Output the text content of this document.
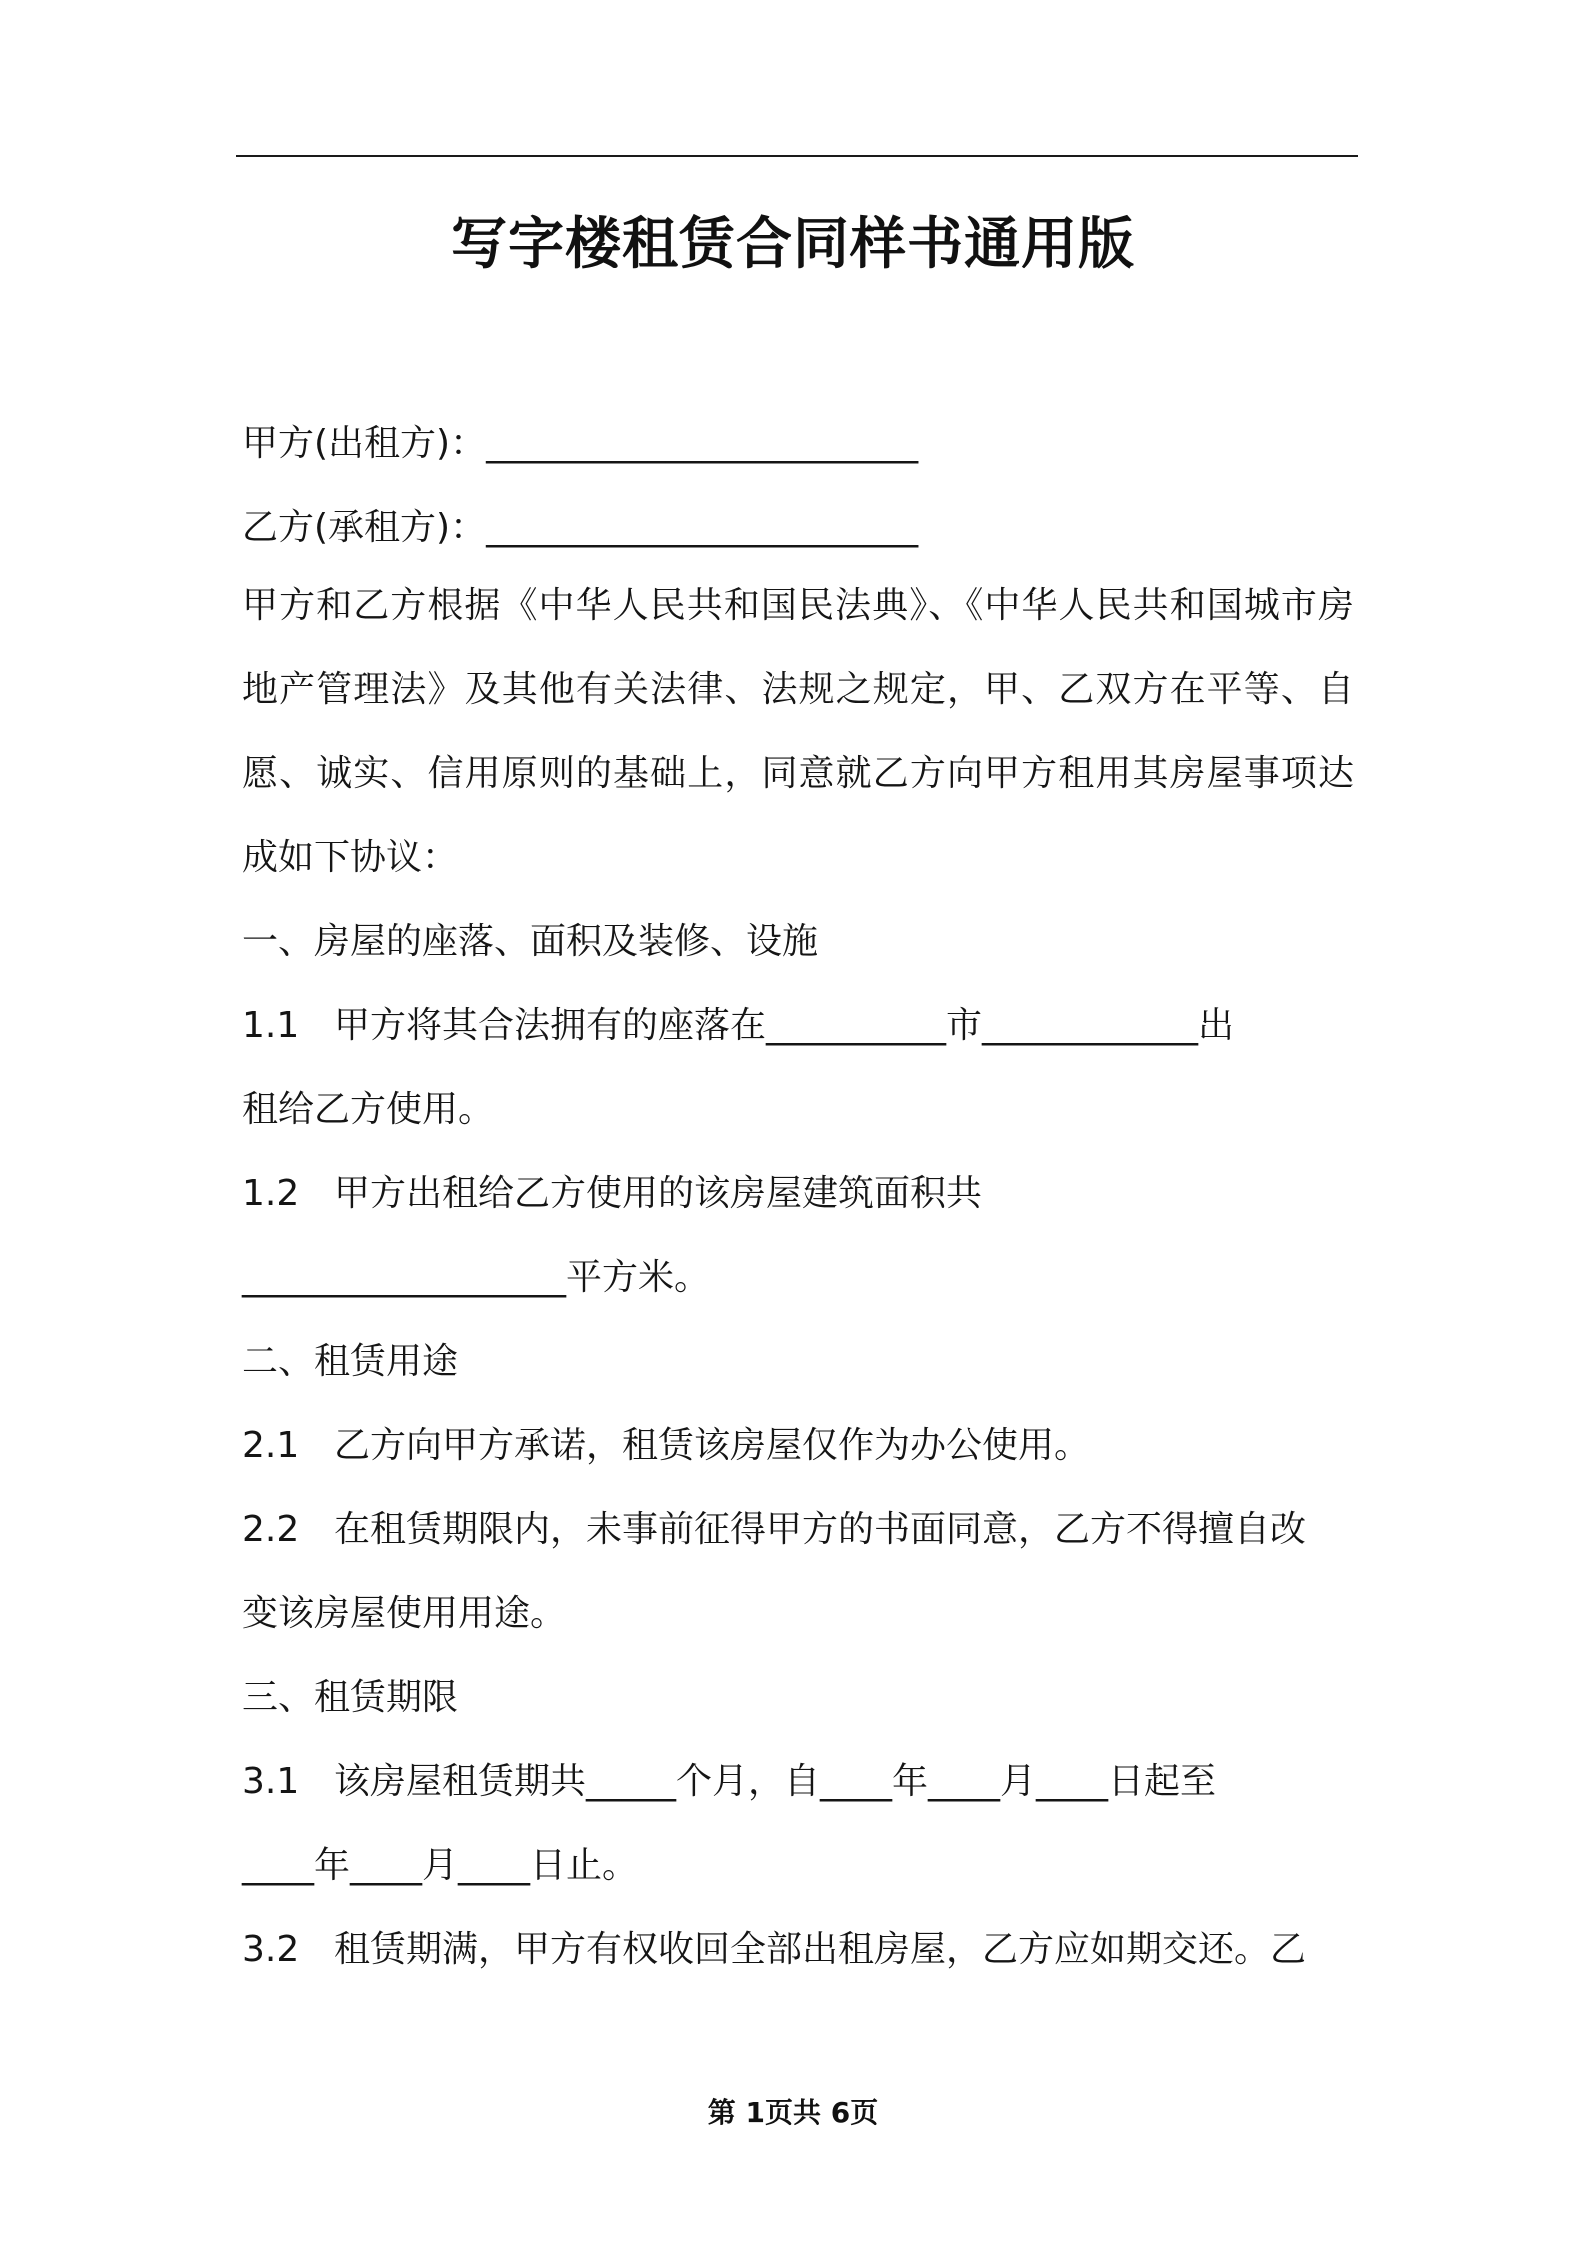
写字楼租赁合同样书通用版
甲方(出租方)：________________________
乙方(承租方)：________________________
甲方和乙方根据《中华人民共和国民法典》、《中华人民共和国城市房
地产管理法》及其他有关法律、法规之规定，甲、乙双方在平等、自
愿、诚实、信用原则的基础上，同意就乙方向甲方租用其房屋事项达
成如下协议：
一、房屋的座落、面积及装修、设施
1.1 甲方将其合法拥有的座落在__________市____________出
租给乙方使用。
1.2 甲方出租给乙方使用的该房屋建筑面积共
__________________平方米。
二、租赁用途
2.1 乙方向甲方承诺，租赁该房屋仅作为办公使用。
2.2 在租赁期限内，未事前征得甲方的书面同意，乙方不得擅自改
变该房屋使用用途。
三、租赁期限
3.1 该房屋租赁期共_____个月，自____年____月____日起至
____年____月____日止。
3.2 租赁期满，甲方有权收回全部出租房屋，乙方应如期交还。乙
第 1页共 6页
